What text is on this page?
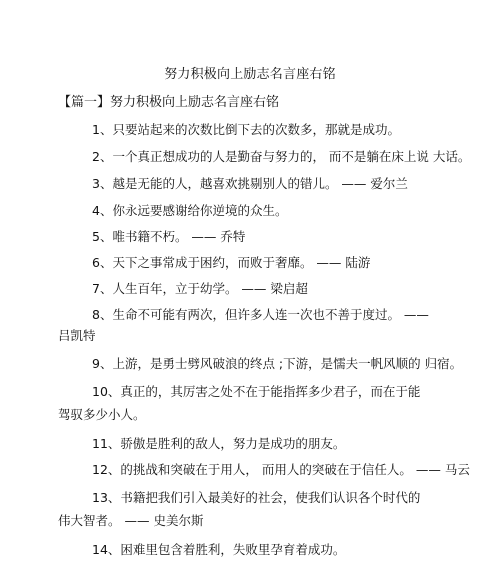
努力积极向上励志名言座右铭
【篇一】努力积极向上励志名言座右铭
1、只要站起来的次数比倒下去的次数多，那就是成功。
2、一个真正想成功的人是勤奋与努力的， 而不是躺在床上说 大话。
3、越是无能的人，越喜欢挑剔别人的错儿。 —— 爱尔兰
4、你永远要感谢给你逆境的众生。
5、唯书籍不朽。 —— 乔特
6、天下之事常成于困约，而败于奢靡。 —— 陆游
7、人生百年，立于幼学。 —— 梁启超
8、生命不可能有两次，但许多人连一次也不善于度过。 ——
吕凯特
9、上游，是勇士劈风破浪的终点 ;下游，是懦夫一帆风顺的 归宿。
10、真正的，其厉害之处不在于能指挥多少君子，而在于能
驾驭多少小人。
11、骄傲是胜利的敌人，努力是成功的朋友。
12、的挑战和突破在于用人， 而用人的突破在于信任人。 —— 马云
13、书籍把我们引入最美好的社会，使我们认识各个时代的
伟大智者。 —— 史美尔斯
14、困难里包含着胜利，失败里孕育着成功。
